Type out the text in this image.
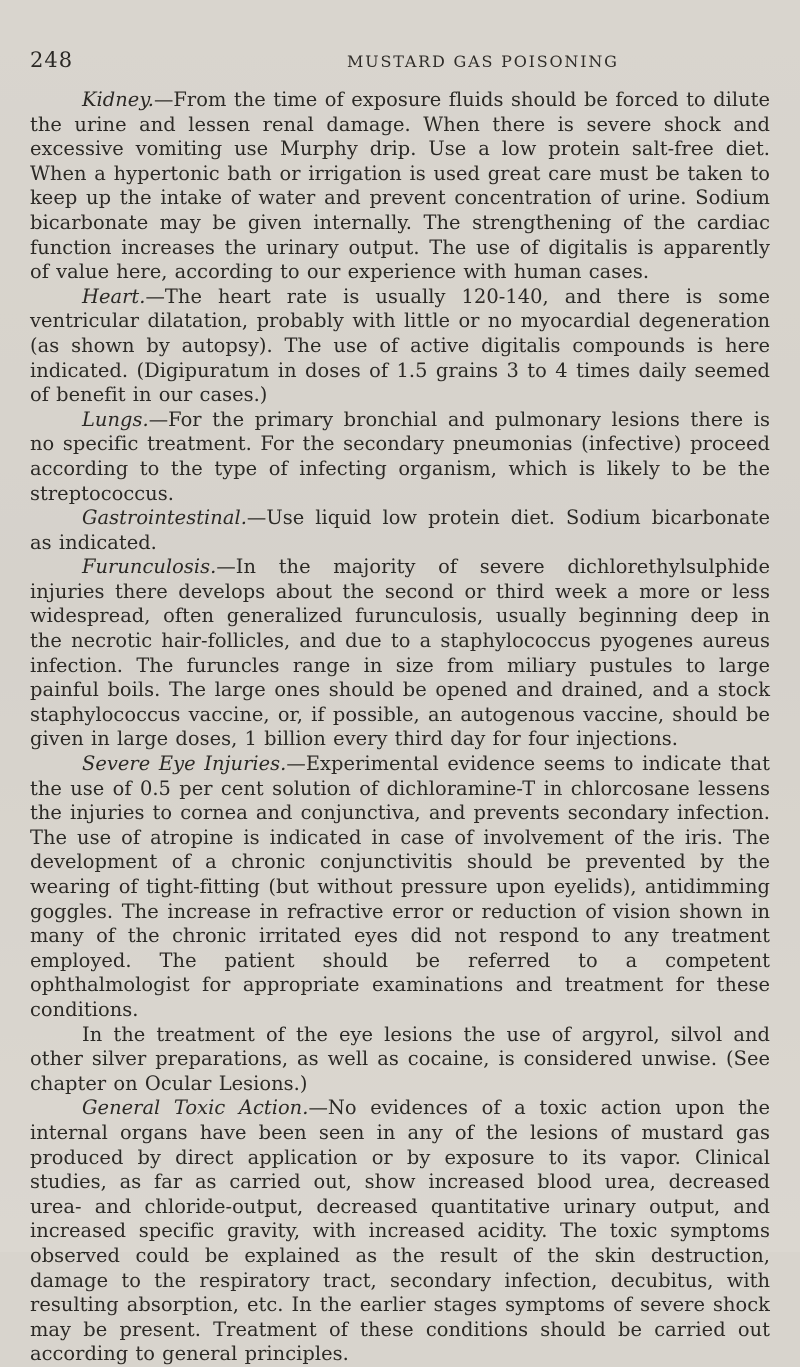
248	MUSTARD GAS POISONING

Kidney.—From the time of exposure fluids should be forced to dilute the urine and lessen renal damage. When there is severe shock and excessive vomiting use Murphy drip. Use a low protein salt-free diet. When a hypertonic bath or irrigation is used great care must be taken to keep up the intake of water and prevent concentration of urine. Sodium bicarbonate may be given internally. The strengthening of the cardiac function increases the urinary output. The use of digitalis is apparently of value here, according to our experience with human cases.

Heart.—The heart rate is usually 120-140, and there is some ventricular dilatation, probably with little or no myocardial degeneration (as shown by autopsy). The use of active digitalis compounds is here indicated. (Digipuratum in doses of 1.5 grains 3 to 4 times daily seemed of benefit in our cases.)

Lungs.—For the primary bronchial and pulmonary lesions there is no specific treatment. For the secondary pneumonias (infective) proceed according to the type of infecting organism, which is likely to be the streptococcus.

Gastrointestinal.—Use liquid low protein diet. Sodium bicarbonate as indicated.

Furunculosis.—In the majority of severe dichlorethylsulphide injuries there develops about the second or third week a more or less widespread, often generalized furunculosis, usually beginning deep in the necrotic hair-follicles, and due to a staphylococcus pyogenes aureus infection. The furuncles range in size from miliary pustules to large painful boils. The large ones should be opened and drained, and a stock staphylococcus vaccine, or, if possible, an autogenous vaccine, should be given in large doses, 1 billion every third day for four injections.

Severe Eye Injuries.—Experimental evidence seems to indicate that the use of 0.5 per cent solution of dichloramine-T in chlorcosane lessens the injuries to cornea and conjunctiva, and prevents secondary infection. The use of atropine is indicated in case of involvement of the iris. The development of a chronic conjunctivitis should be prevented by the wearing of tight-fitting (but without pressure upon eyelids), antidimming goggles. The increase in refractive error or reduction of vision shown in many of the chronic irritated eyes did not respond to any treatment employed. The patient should be referred to a competent ophthalmologist for appropriate examinations and treatment for these conditions.

In the treatment of the eye lesions the use of argyrol, silvol and other silver preparations, as well as cocaine, is considered unwise. (See chapter on Ocular Lesions.)

General Toxic Action.—No evidences of a toxic action upon the internal organs have been seen in any of the lesions of mustard gas produced by direct application or by exposure to its vapor. Clinical studies, as far as carried out, show increased blood urea, decreased urea- and chloride-output, decreased quantitative urinary output, and increased specific gravity, with increased acidity. The toxic symptoms observed could be explained as the result of the skin destruction, damage to the respiratory tract, secondary infection, decubitus, with resulting absorption, etc. In the earlier stages symptoms of severe shock may be present. Treatment of these conditions should be carried out according to general principles.
